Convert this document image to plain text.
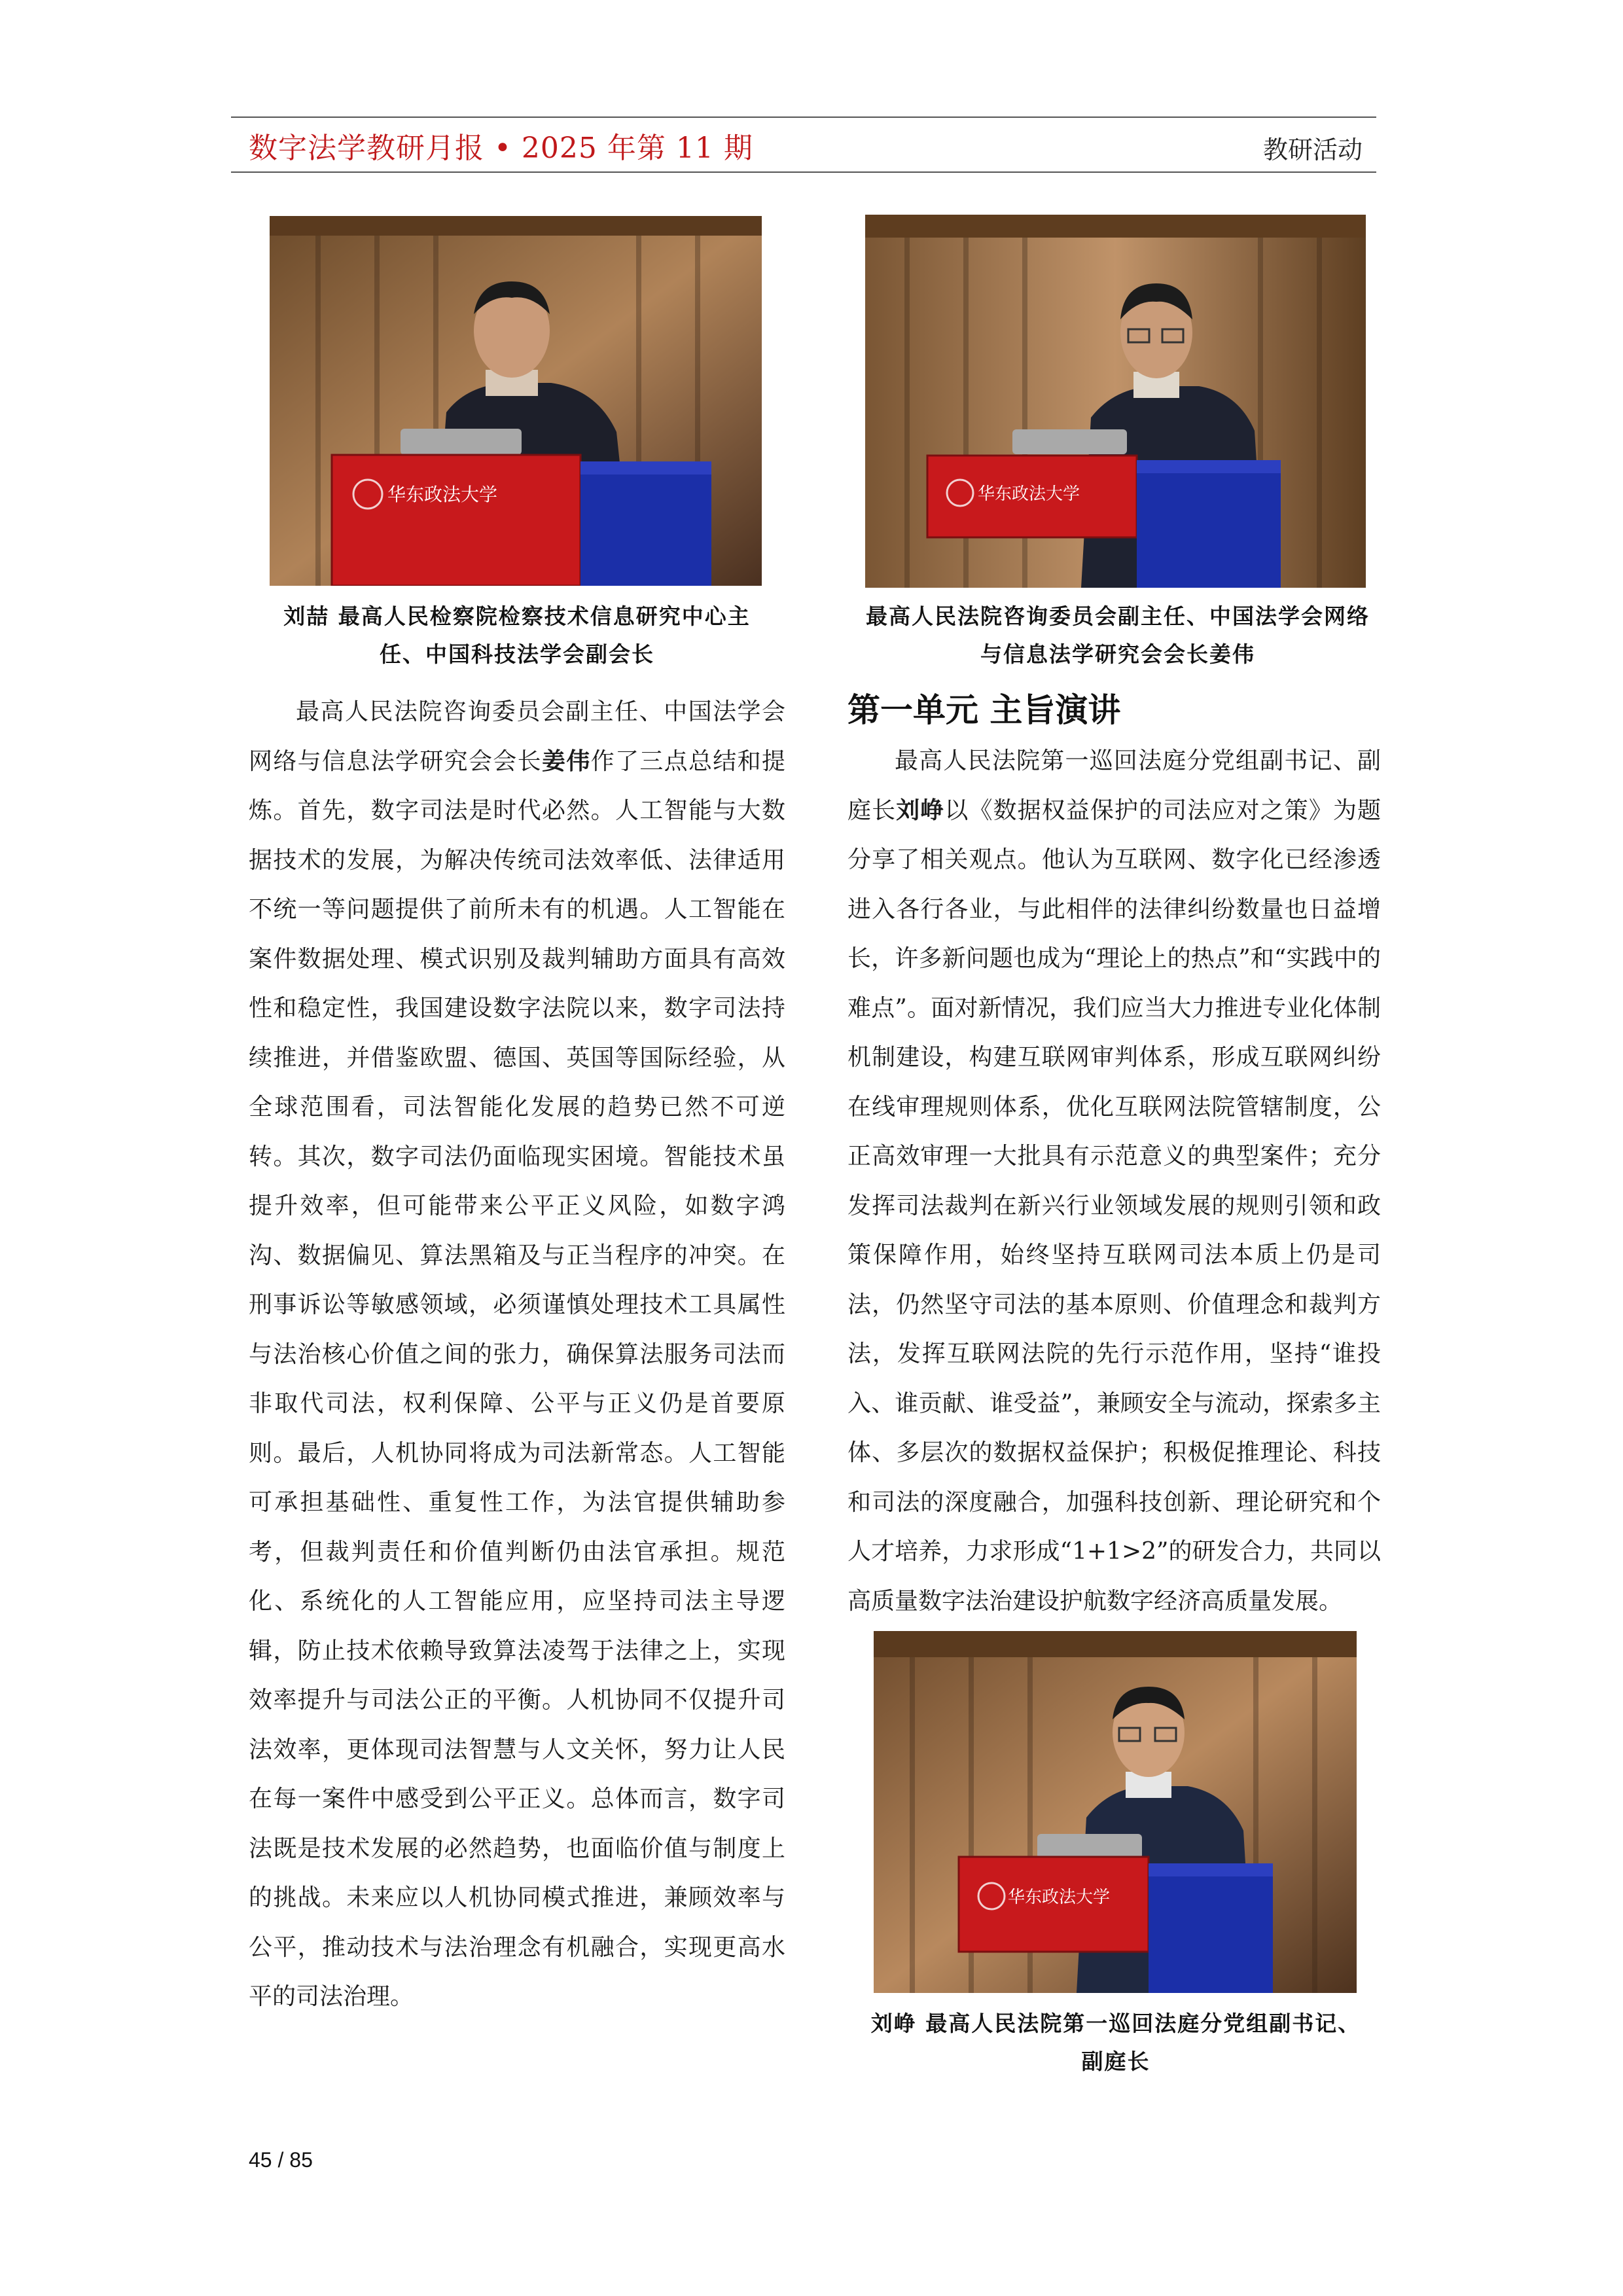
数字法学教研月报 • 2025 年第 11 期	教研活动
华东政法大学	华东政法大学
刘喆 最高人民检察院检察技术信息研究中心主
任、中国科技法学会副会长
最高人民法院咨询委员会副主任、中国法学会网络
与信息法学研究会会长姜伟

最高人民法院咨询委员会副主任、中国法学会网络与信息法学研究会会长姜伟作了三点总结和提炼。首先，数字司法是时代必然。人工智能与大数据技术的发展，为解决传统司法效率低、法律适用不统一等问题提供了前所未有的机遇。人工智能在案件数据处理、模式识别及裁判辅助方面具有高效性和稳定性，我国建设数字法院以来，数字司法持续推进，并借鉴欧盟、德国、英国等国际经验，从全球范围看，司法智能化发展的趋势已然不可逆转。其次，数字司法仍面临现实困境。智能技术虽提升效率，但可能带来公平正义风险，如数字鸿沟、数据偏见、算法黑箱及与正当程序的冲突。在刑事诉讼等敏感领域，必须谨慎处理技术工具属性与法治核心价值之间的张力，确保算法服务司法而非取代司法，权利保障、公平与正义仍是首要原则。最后，人机协同将成为司法新常态。人工智能可承担基础性、重复性工作，为法官提供辅助参考，但裁判责任和价值判断仍由法官承担。规范化、系统化的人工智能应用，应坚持司法主导逻辑，防止技术依赖导致算法凌驾于法律之上，实现效率提升与司法公正的平衡。人机协同不仅提升司法效率，更体现司法智慧与人文关怀，努力让人民在每一案件中感受到公平正义。总体而言，数字司法既是技术发展的必然趋势，也面临价值与制度上的挑战。未来应以人机协同模式推进，兼顾效率与公平，推动技术与法治理念有机融合，实现更高水平的司法治理。

第一单元 主旨演讲

最高人民法院第一巡回法庭分党组副书记、副庭长刘峥以《数据权益保护的司法应对之策》为题分享了相关观点。他认为互联网、数字化已经渗透进入各行各业，与此相伴的法律纠纷数量也日益增长，许多新问题也成为“理论上的热点”和“实践中的难点”。面对新情况，我们应当大力推进专业化体制机制建设，构建互联网审判体系，形成互联网纠纷在线审理规则体系，优化互联网法院管辖制度，公正高效审理一大批具有示范意义的典型案件；充分发挥司法裁判在新兴行业领域发展的规则引领和政策保障作用，始终坚持互联网司法本质上仍是司法，仍然坚守司法的基本原则、价值理念和裁判方法，发挥互联网法院的先行示范作用，坚持“谁投入、谁贡献、谁受益”，兼顾安全与流动，探索多主体、多层次的数据权益保护；积极促推理论、科技和司法的深度融合，加强科技创新、理论研究和个人才培养，力求形成“1+1>2”的研发合力，共同以高质量数字法治建设护航数字经济高质量发展。

华东政法大学
刘峥 最高人民法院第一巡回法庭分党组副书记、
副庭长
45 / 85
